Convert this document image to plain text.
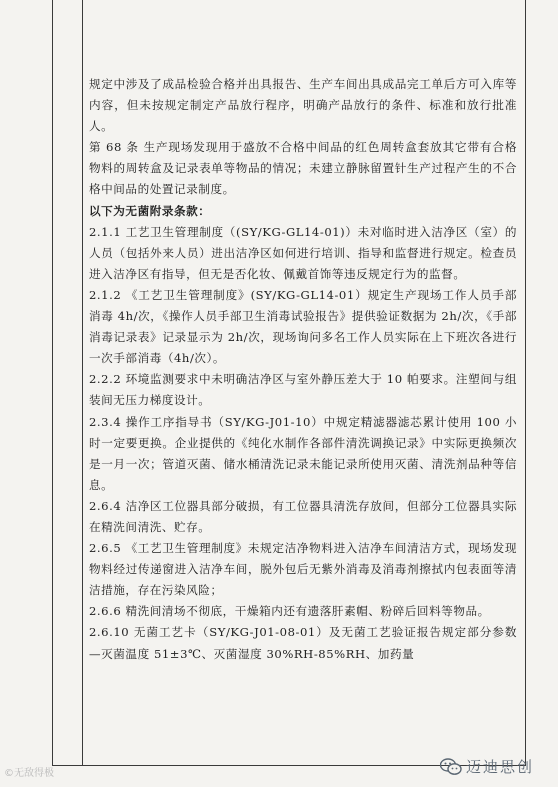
规定中涉及了成品检验合格并出具报告、生产车间出具成品完工单后方可入库等内容，但未按规定制定产品放行程序，明确产品放行的条件、标准和放行批准人。

第 68 条 生产现场发现用于盛放不合格中间品的红色周转盒套放其它带有合格物料的周转盒及记录表单等物品的情况；未建立静脉留置针生产过程产生的不合格中间品的处置记录制度。

以下为无菌附录条款：

2.1.1 工艺卫生管理制度（(SY/KG-GL14-01)）未对临时进入洁净区（室）的人员（包括外来人员）进出洁净区如何进行培训、指导和监督进行规定。检查员进入洁净区有指导，但无是否化妆、佩戴首饰等违反规定行为的监督。

2.1.2 《工艺卫生管理制度》(SY/KG-GL14-01）规定生产现场工作人员手部消毒 4h/次，《操作人员手部卫生消毒试验报告》提供验证数据为 2h/次，《手部消毒记录表》记录显示为 2h/次，现场询问多名工作人员实际在上下班次各进行一次手部消毒（4h/次）。

2.2.2 环境监测要求中未明确洁净区与室外静压差大于 10 帕要求。注塑间与组装间无压力梯度设计。

2.3.4 操作工序指导书（SY/KG-J01-10）中规定精滤器滤芯累计使用 100 小时一定要更换。企业提供的《纯化水制作各部件清洗调换记录》中实际更换频次是一月一次；管道灭菌、储水桶清洗记录未能记录所使用灭菌、清洗剂品种等信息。

2.6.4 洁净区工位器具部分破损，有工位器具清洗存放间，但部分工位器具实际在精洗间清洗、贮存。

2.6.5 《工艺卫生管理制度》未规定洁净物料进入洁净车间清洁方式，现场发现物料经过传递窗进入洁净车间，脱外包后无紫外消毒及消毒剂擦拭内包表面等清洁措施，存在污染风险；

2.6.6 精洗间清场不彻底，干燥箱内还有遗落肝素帽、粉碎后回料等物品。

2.6.10 无菌工艺卡（SY/KG-J01-08-01）及无菌工艺验证报告规定部分参数—灭菌温度 51±3℃、灭菌湿度 30%RH-85%RH、加药量

©无敌得极	迈迪思创
